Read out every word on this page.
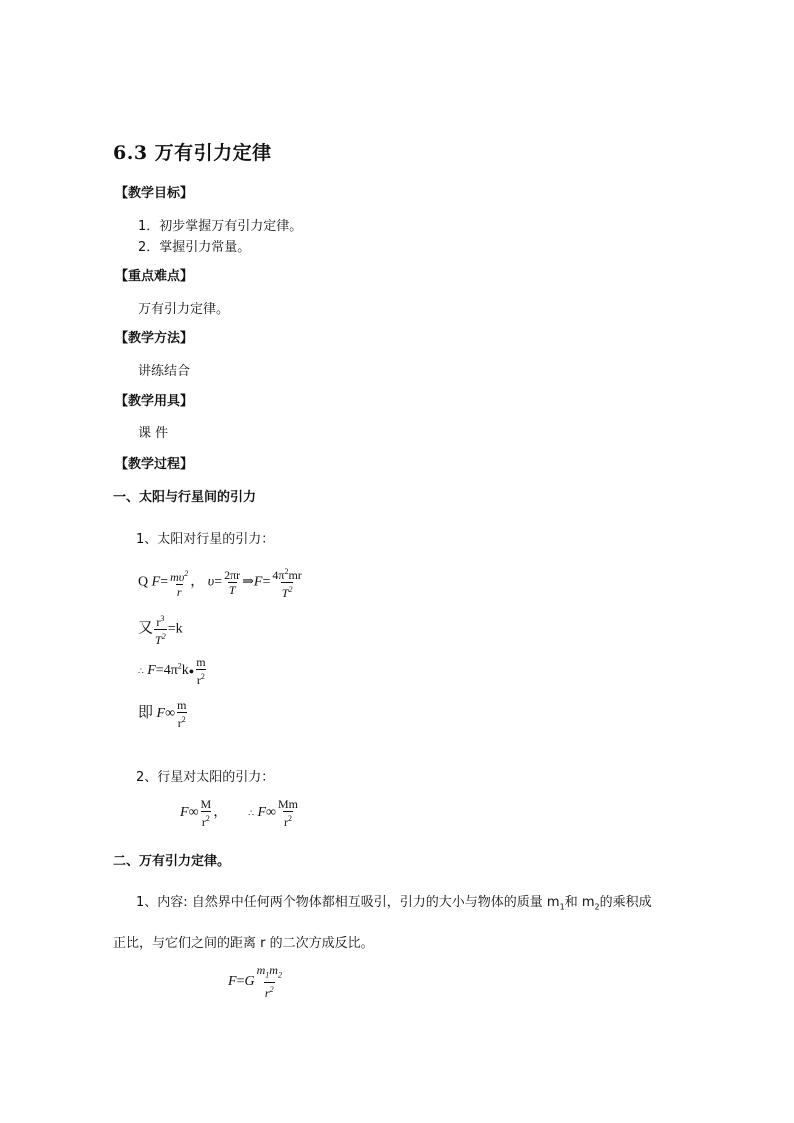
6.3 万有引力定律
【教学目标】
1．初步掌握万有引力定律。
2．掌握引力常量。
【重点难点】
万有引力定律。
【教学方法】
讲练结合
【教学用具】
课 件
【教学过程】
一、太阳与行星间的引力
1、太阳对行星的引力：
Q $F= \frac{m\upsilon^2}{r}$ ， $\upsilon= \frac{2\pi r}{T}$ ⇒F= $\frac{4\pi^2mr}{T^2}$
又 $\frac{r^3}{T^2} =k$
∴ $F=4\pi^2k● \frac{m}{r^2}$
即 $F\infty \frac{m}{r^2}$
2、行星对太阳的引力：
$F\infty \frac{M}{r^2}$ ， ∴ $F\infty \frac{Mm}{r^2}$
二、万有引力定律。
1、内容: 自然界中任何两个物体都相互吸引，引力的大小与物体的质量 $m_1$和 $m_2$的乘积成
正比，与它们之间的距离 r 的二次方成反比。
$F=G \frac{m_1m_2}{r^2}$
